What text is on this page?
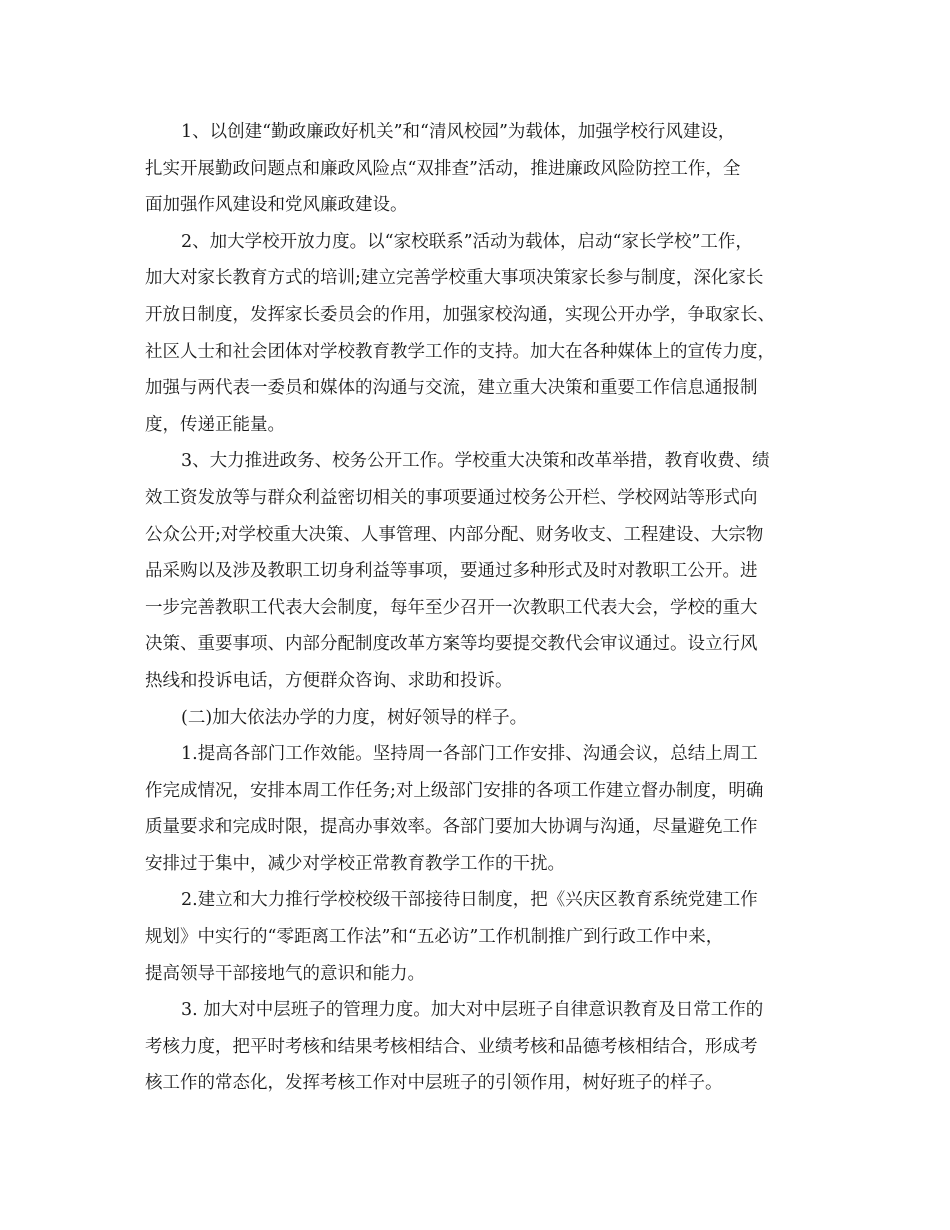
1、以创建“勤政廉政好机关”和“清风校园”为载体，加强学校行风建设，
扎实开展勤政问题点和廉政风险点“双排查”活动，推进廉政风险防控工作，全
面加强作风建设和党风廉政建设。

2、加大学校开放力度。以“家校联系”活动为载体，启动“家长学校”工作，
加大对家长教育方式的培训;建立完善学校重大事项决策家长参与制度，深化家长
开放日制度，发挥家长委员会的作用，加强家校沟通，实现公开办学，争取家长、
社区人士和社会团体对学校教育教学工作的支持。加大在各种媒体上的宣传力度，
加强与两代表一委员和媒体的沟通与交流，建立重大决策和重要工作信息通报制
度，传递正能量。

3、大力推进政务、校务公开工作。学校重大决策和改革举措，教育收费、绩
效工资发放等与群众利益密切相关的事项要通过校务公开栏、学校网站等形式向
公众公开;对学校重大决策、人事管理、内部分配、财务收支、工程建设、大宗物
品采购以及涉及教职工切身利益等事项，要通过多种形式及时对教职工公开。进
一步完善教职工代表大会制度，每年至少召开一次教职工代表大会，学校的重大
决策、重要事项、内部分配制度改革方案等均要提交教代会审议通过。设立行风
热线和投诉电话，方便群众咨询、求助和投诉。

(二)加大依法办学的力度，树好领导的样子。

1.提高各部门工作效能。坚持周一各部门工作安排、沟通会议，总结上周工
作完成情况，安排本周工作任务;对上级部门安排的各项工作建立督办制度，明确
质量要求和完成时限，提高办事效率。各部门要加大协调与沟通，尽量避免工作
安排过于集中，减少对学校正常教育教学工作的干扰。

2.建立和大力推行学校校级干部接待日制度，把《兴庆区教育系统党建工作
规划》中实行的“零距离工作法”和“五必访”工作机制推广到行政工作中来，
提高领导干部接地气的意识和能力。

3. 加大对中层班子的管理力度。加大对中层班子自律意识教育及日常工作的
考核力度，把平时考核和结果考核相结合、业绩考核和品德考核相结合，形成考
核工作的常态化，发挥考核工作对中层班子的引领作用，树好班子的样子。
